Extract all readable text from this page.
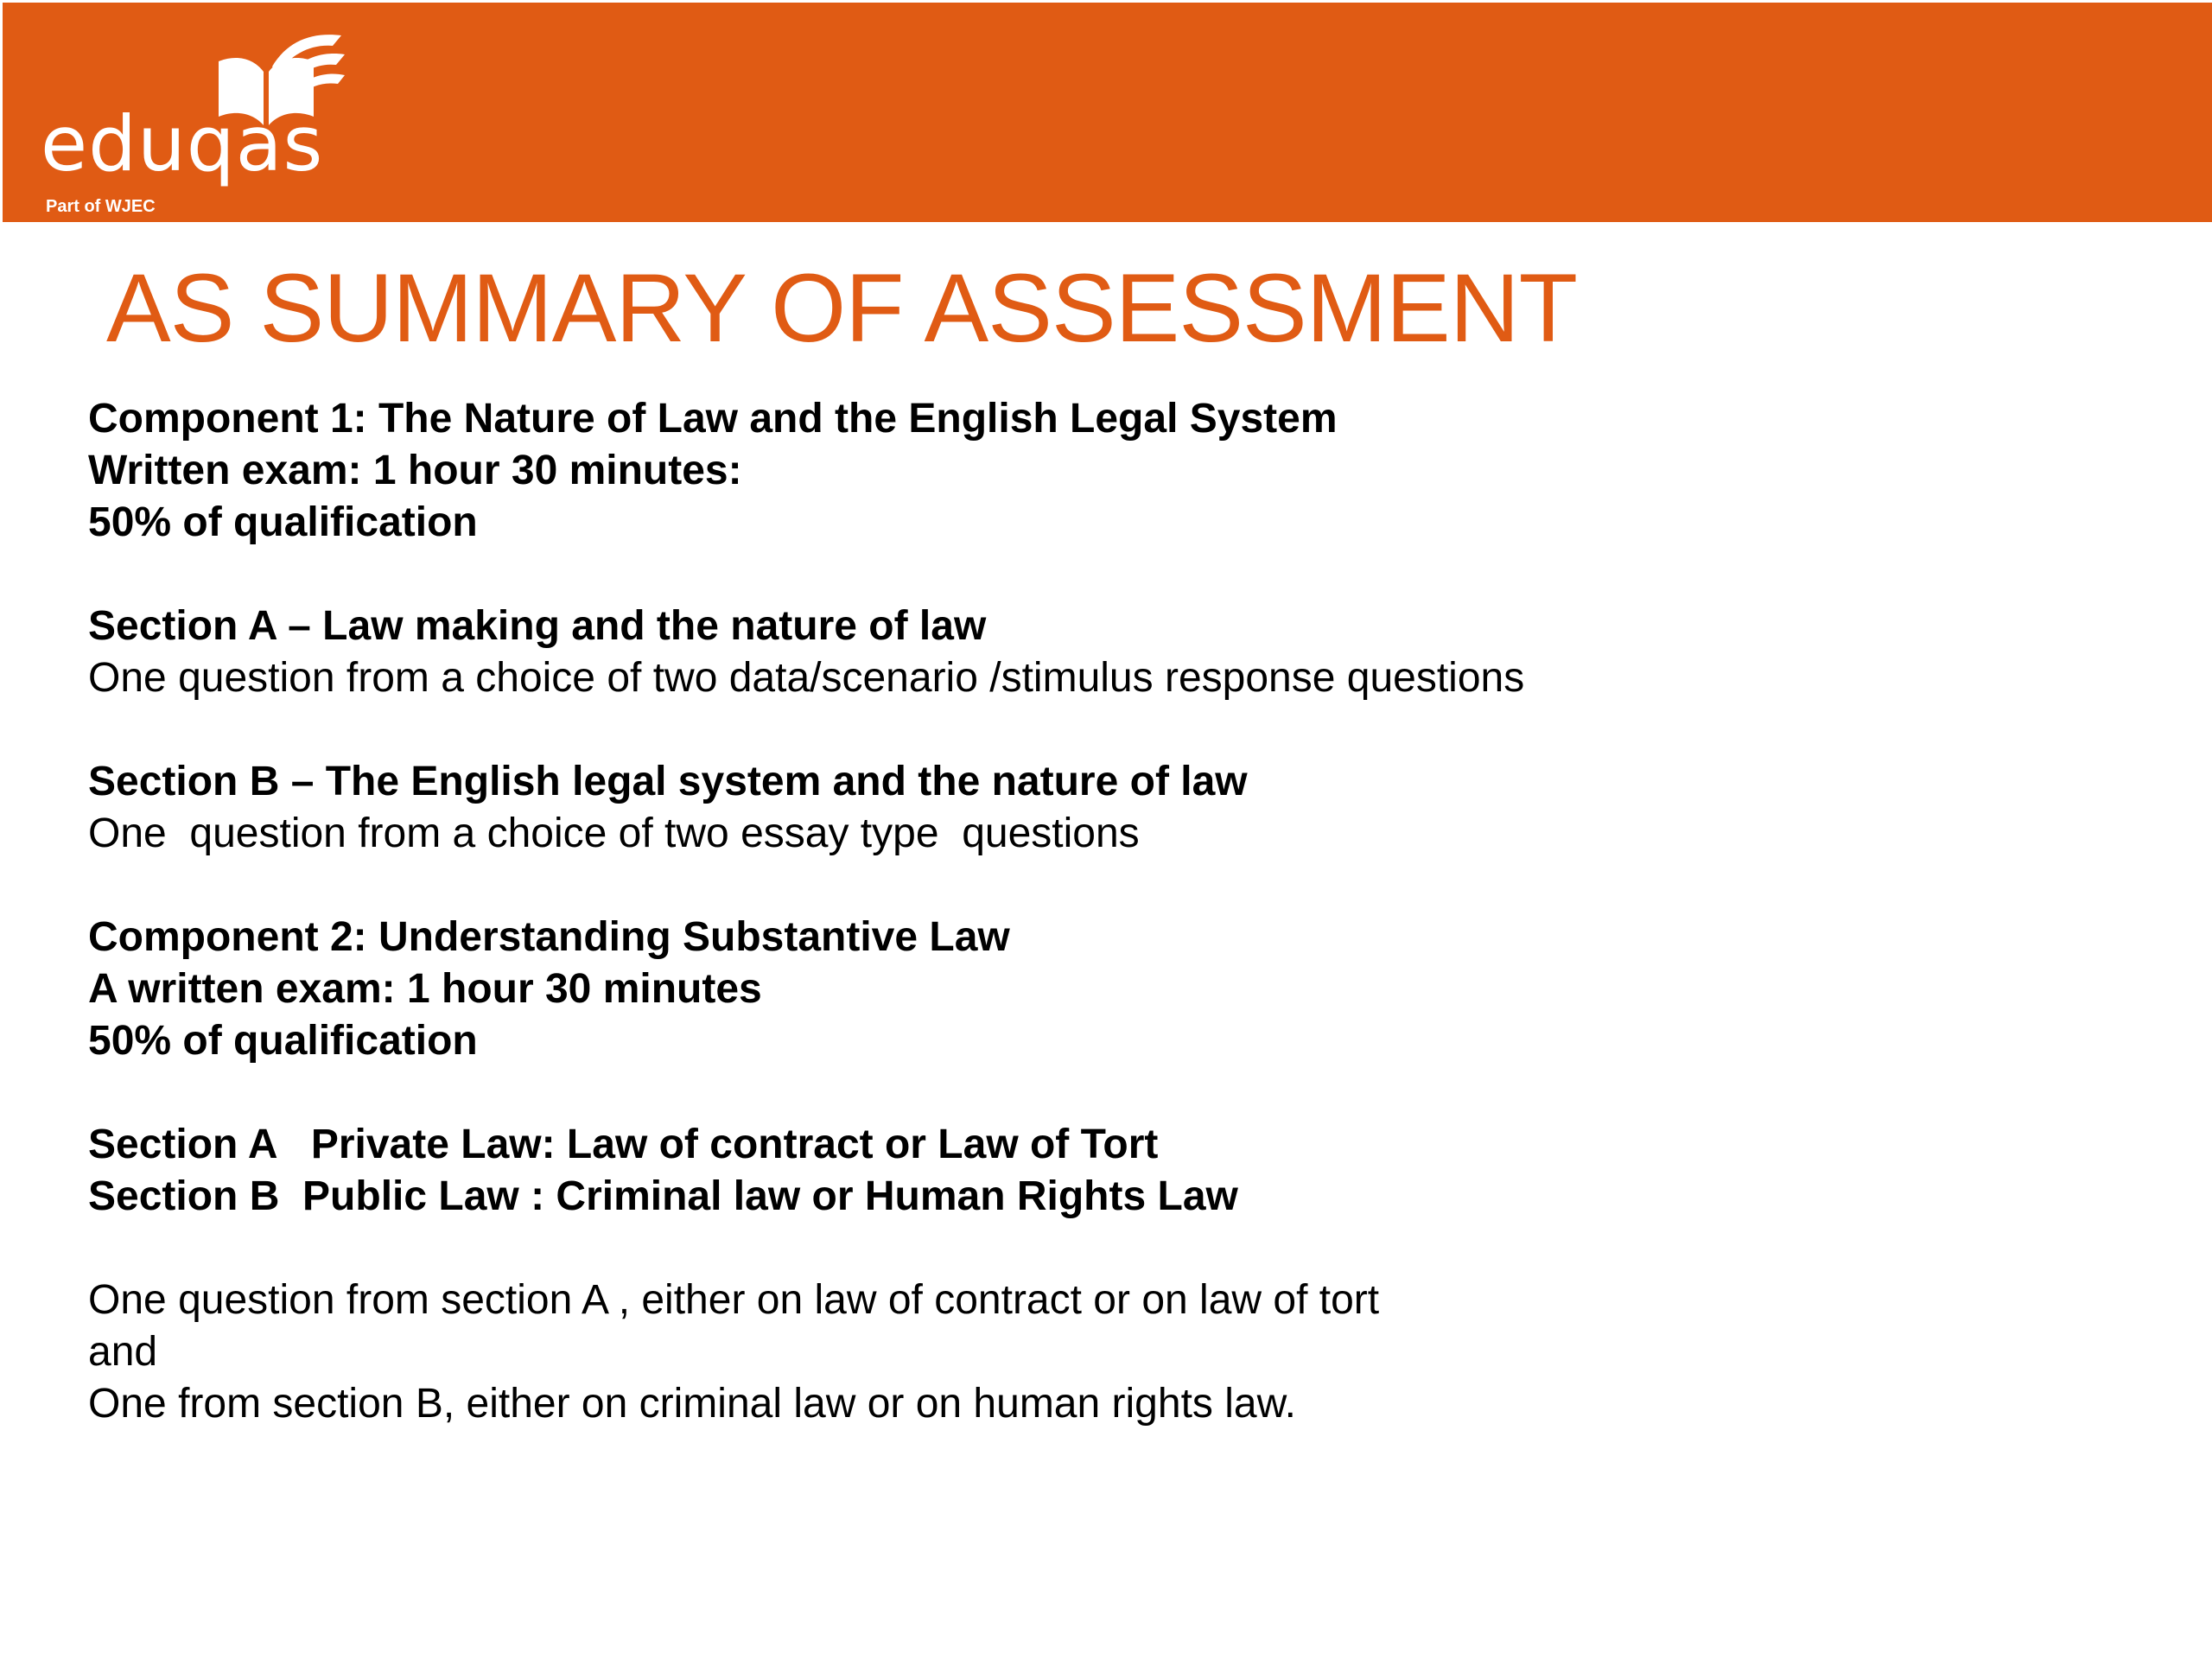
eduqas
Part of WJEC
AS SUMMARY OF ASSESSMENT
Component 1: The Nature of Law and the English Legal System
Written exam: 1 hour 30 minutes:
50% of qualification
Section A – Law making and the nature of law
One question from a choice of two data/scenario /stimulus response questions
Section B – The English legal system and the nature of law
One  question from a choice of two essay type  questions
Component 2: Understanding Substantive Law
A written exam: 1 hour 30 minutes
50% of qualification
Section A   Private Law: Law of contract or Law of Tort
Section B  Public Law : Criminal law or Human Rights Law
One question from section A , either on law of contract or on law of tort
and
One from section B, either on criminal law or on human rights law.
